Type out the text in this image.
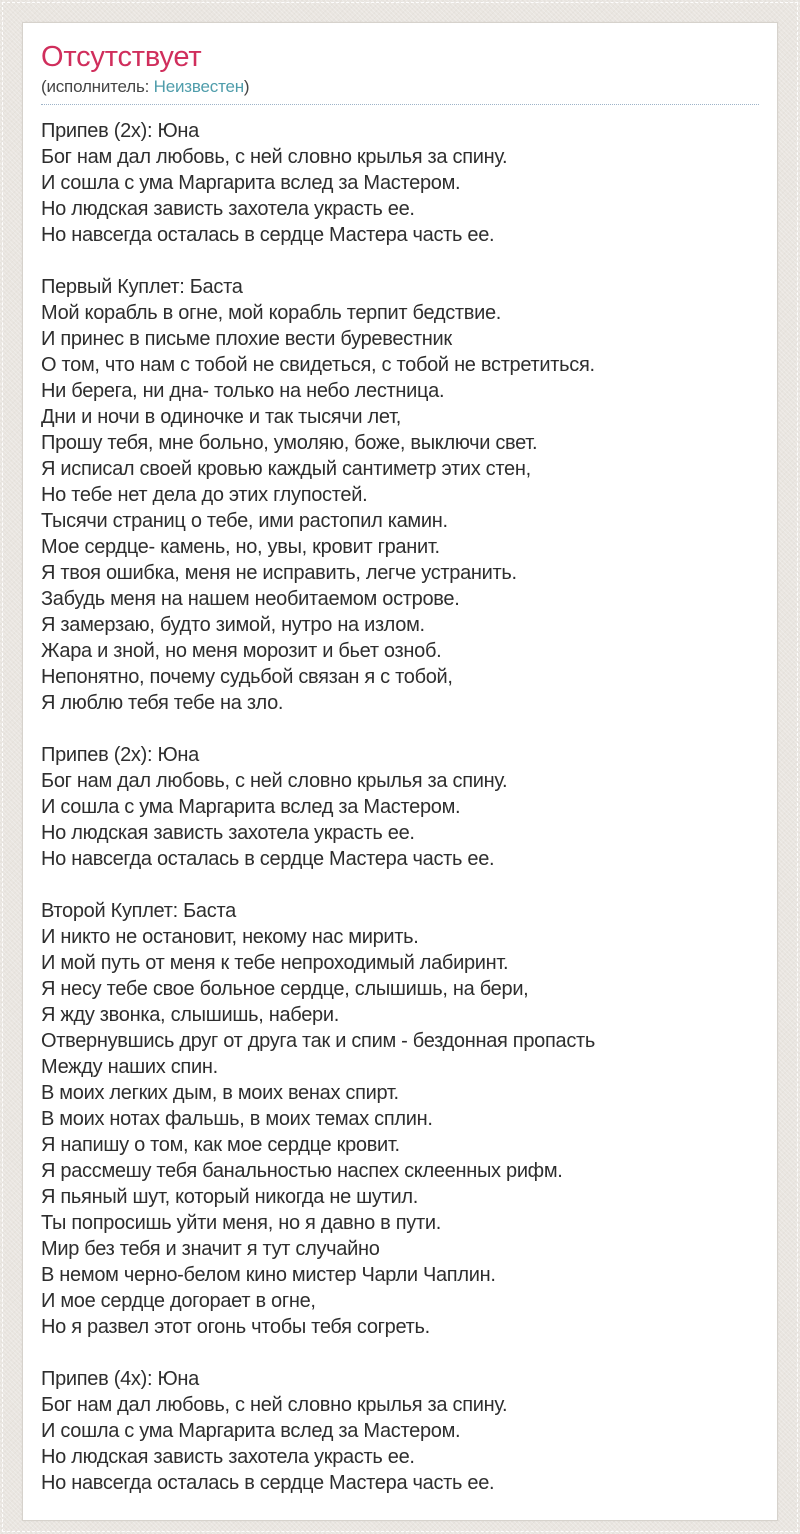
Отсутствует
(исполнитель: Неизвестен)
Припев (2x): Юна
Бог нам дал любовь, с ней словно крылья за спину.
И сошла с ума Маргарита вслед за Мастером.
Но людская зависть захотела украсть ее.
Но навсегда осталась в сердце Мастера часть ее.
Первый Куплет: Баста
Мой корабль в огне, мой корабль терпит бедствие.
И принес в письме плохие вести буревестник
О том, что нам с тобой не свидеться, с тобой не встретиться.
Ни берега, ни дна- только на небо лестница.
Дни и ночи в одиночке и так тысячи лет,
Прошу тебя, мне больно, умоляю, боже, выключи свет.
Я исписал своей кровью каждый сантиметр этих стен,
Но тебе нет дела до этих глупостей.
Тысячи страниц о тебе, ими растопил камин.
Мое сердце- камень, но, увы, кровит гранит.
Я твоя ошибка, меня не исправить, легче устранить.
Забудь меня на нашем необитаемом острове.
Я замерзаю, будто зимой, нутро на излом.
Жара и зной, но меня морозит и бьет озноб.
Непонятно, почему судьбой связан я с тобой,
Я люблю тебя тебе на зло.
Припев (2x): Юна
Бог нам дал любовь, с ней словно крылья за спину.
И сошла с ума Маргарита вслед за Мастером.
Но людская зависть захотела украсть ее.
Но навсегда осталась в сердце Мастера часть ее.
Второй Куплет: Баста
И никто не остановит, некому нас мирить.
И мой путь от меня к тебе непроходимый лабиринт.
Я несу тебе свое больное сердце, слышишь, на бери,
Я жду звонка, слышишь, набери.
Отвернувшись друг от друга так и спим - бездонная пропасть
Между наших спин.
В моих легких дым, в моих венах спирт.
В моих нотах фальшь, в моих темах сплин.
Я напишу о том, как мое сердце кровит.
Я рассмешу тебя банальностью наспех склеенных рифм.
Я пьяный шут, который никогда не шутил.
Ты попросишь уйти меня, но я давно в пути.
Мир без тебя и значит я тут случайно
В немом черно-белом кино мистер Чарли Чаплин.
И мое сердце догорает в огне,
Но я развел этот огонь чтобы тебя согреть.
Припев (4x): Юна
Бог нам дал любовь, с ней словно крылья за спину.
И сошла с ума Маргарита вслед за Мастером.
Но людская зависть захотела украсть ее.
Но навсегда осталась в сердце Мастера часть ее.
